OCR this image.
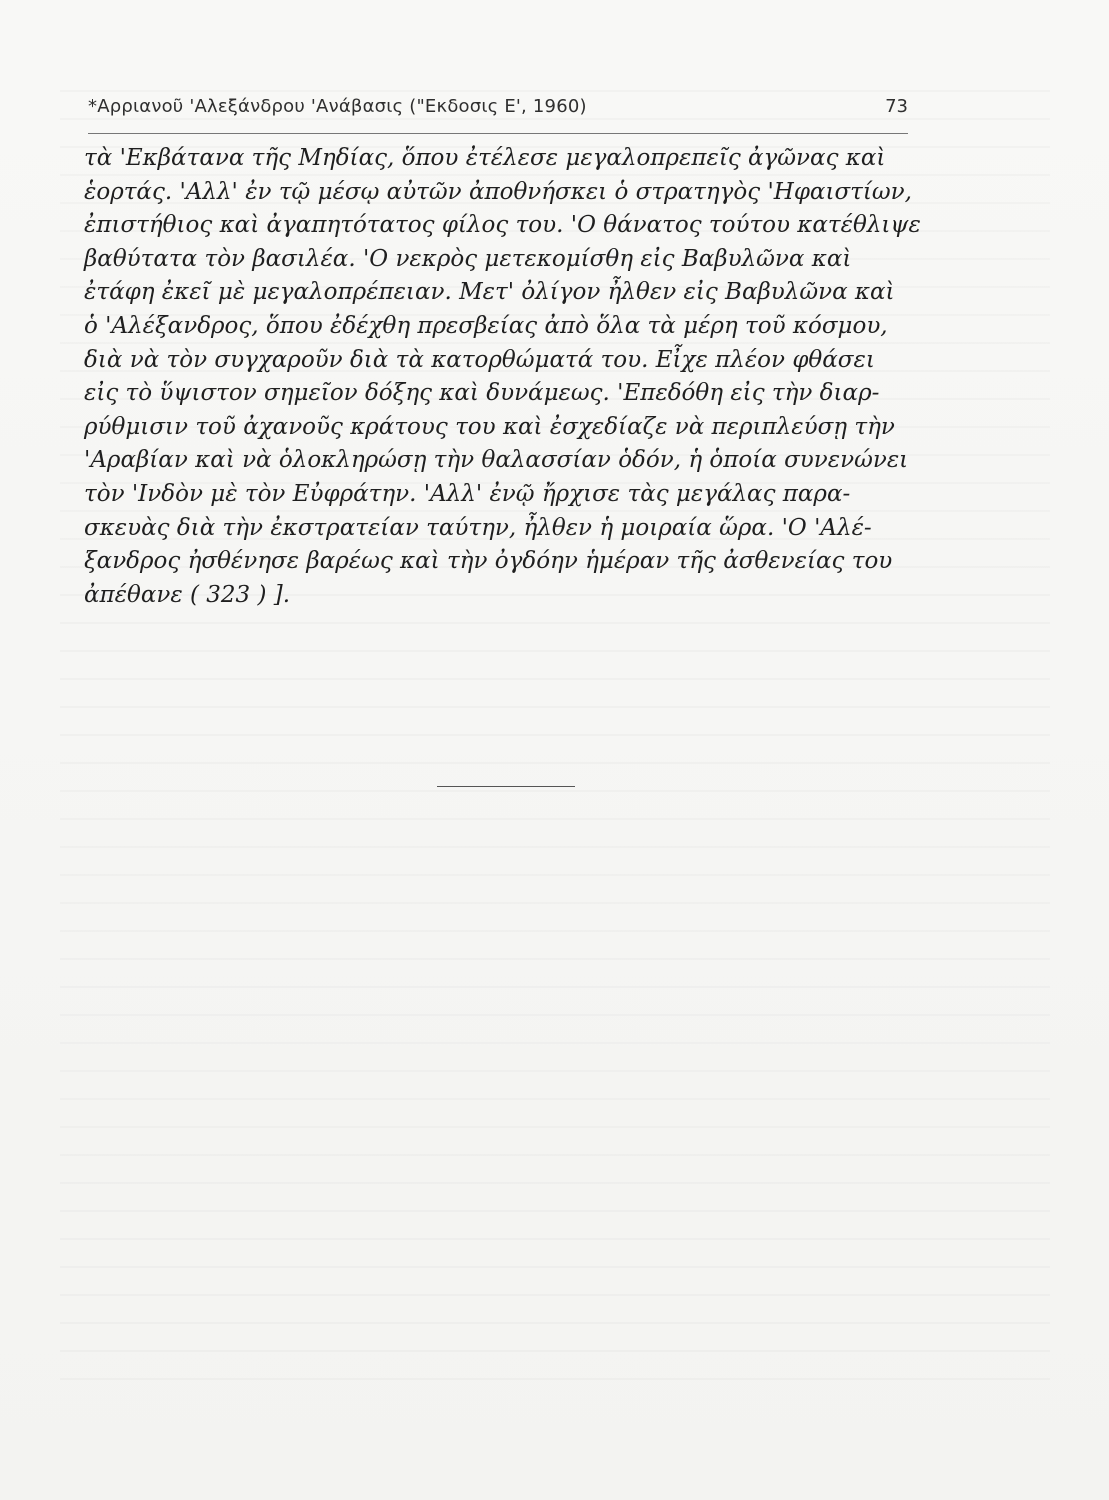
*Αρριανοῦ 'Αλεξάνδρου 'Ανάβασις ("Εκδοσις Ε', 1960)	73
τὰ 'Εκβάτανα τῆς Μηδίας, ὅπου ἐτέλεσε μεγαλοπρεπεῖς ἀγῶνας καὶ
ἑορτάς. 'Αλλ' ἐν τῷ μέσῳ αὐτῶν ἀποθνήσκει ὁ στρατηγὸς 'Ηφαιστίων,
ἐπιστήθιος καὶ ἀγαπητότατος φίλος του. 'Ο θάνατος τούτου κατέθλιψε
βαθύτατα τὸν βασιλέα. 'Ο νεκρὸς μετεκομίσθη εἰς Βαβυλῶνα καὶ
ἐτάφη ἐκεῖ μὲ μεγαλοπρέπειαν. Μετ' ὀλίγον ἦλθεν εἰς Βαβυλῶνα καὶ
ὁ 'Αλέξανδρος, ὅπου ἐδέχθη πρεσβείας ἀπὸ ὅλα τὰ μέρη τοῦ κόσμου,
διὰ νὰ τὸν συγχαροῦν διὰ τὰ κατορθώματά του. Εἶχε πλέον φθάσει
εἰς τὸ ὕψιστον σημεῖον δόξης καὶ δυνάμεως. 'Επεδόθη εἰς τὴν διαρ-
ρύθμισιν τοῦ ἀχανοῦς κράτους του καὶ ἐσχεδίαζε νὰ περιπλεύσῃ τὴν
'Αραβίαν καὶ νὰ ὁλοκληρώσῃ τὴν θαλασσίαν ὁδόν, ἡ ὁποία συνενώνει
τὸν 'Ινδὸν μὲ τὸν Εὐφράτην. 'Αλλ' ἐνῷ ἤρχισε τὰς μεγάλας παρα-
σκευὰς διὰ τὴν ἐκστρατείαν ταύτην, ἦλθεν ἡ μοιραία ὥρα. 'Ο 'Αλέ-
ξανδρος ἠσθένησε βαρέως καὶ τὴν ὀγδόην ἡμέραν τῆς ἀσθενείας του
ἀπέθανε ( 323 ) ].
